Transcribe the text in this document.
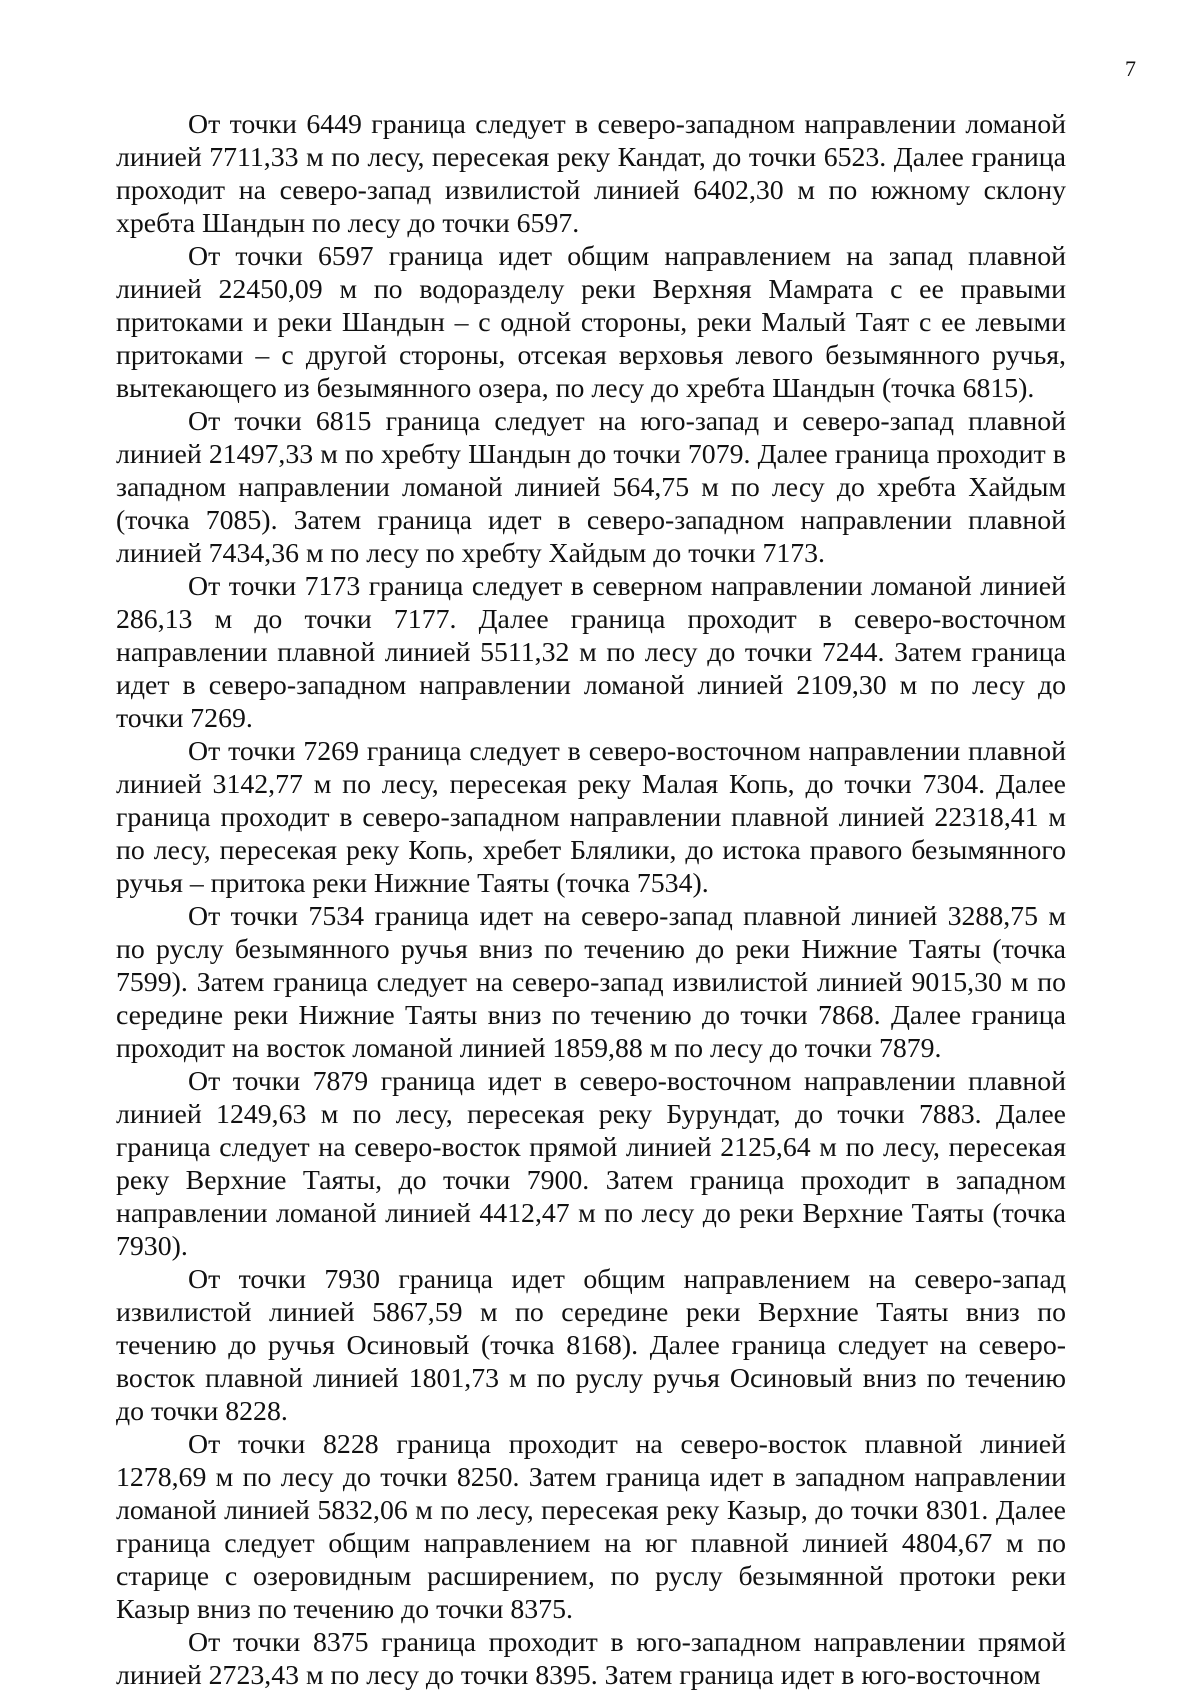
7

От точки 6449 граница следует в северо-западном направлении ломаной линией 7711,33 м по лесу, пересекая реку Кандат, до точки 6523. Далее граница проходит на северо-запад извилистой линией 6402,30 м по южному склону хребта Шандын по лесу до точки 6597.

От точки 6597 граница идет общим направлением на запад плавной линией 22450,09 м по водоразделу реки Верхняя Мамрата с ее правыми притоками и реки Шандын – с одной стороны, реки Малый Таят с ее левыми притоками – с другой стороны, отсекая верховья левого безымянного ручья, вытекающего из безымянного озера, по лесу до хребта Шандын (точка 6815).

От точки 6815 граница следует на юго-запад и северо-запад плавной линией 21497,33 м по хребту Шандын до точки 7079. Далее граница проходит в западном направлении ломаной линией 564,75 м по лесу до хребта Хайдым (точка 7085). Затем граница идет в северо-западном направлении плавной линией 7434,36 м по лесу по хребту Хайдым до точки 7173.

От точки 7173 граница следует в северном направлении ломаной линией 286,13 м до точки 7177. Далее граница проходит в северо-восточном направлении плавной линией 5511,32 м по лесу до точки 7244. Затем граница идет в северо-западном направлении ломаной линией 2109,30 м по лесу до точки 7269.

От точки 7269 граница следует в северо-восточном направлении плавной линией 3142,77 м по лесу, пересекая реку Малая Копь, до точки 7304. Далее граница проходит в северо-западном направлении плавной линией 22318,41 м по лесу, пересекая реку Копь, хребет Блялики, до истока правого безымянного ручья – притока реки Нижние Таяты (точка 7534).

От точки 7534 граница идет на северо-запад плавной линией 3288,75 м по руслу безымянного ручья вниз по течению до реки Нижние Таяты (точка 7599). Затем граница следует на северо-запад извилистой линией 9015,30 м по середине реки Нижние Таяты вниз по течению до точки 7868. Далее граница проходит на восток ломаной линией 1859,88 м по лесу до точки 7879.

От точки 7879 граница идет в северо-восточном направлении плавной линией 1249,63 м по лесу, пересекая реку Бурундат, до точки 7883. Далее граница следует на северо-восток прямой линией 2125,64 м по лесу, пересекая реку Верхние Таяты, до точки 7900. Затем граница проходит в западном направлении ломаной линией 4412,47 м по лесу до реки Верхние Таяты (точка 7930).

От точки 7930 граница идет общим направлением на северо-запад извилистой линией 5867,59 м по середине реки Верхние Таяты вниз по течению до ручья Осиновый (точка 8168). Далее граница следует на северо-восток плавной линией 1801,73 м по руслу ручья Осиновый вниз по течению до точки 8228.

От точки 8228 граница проходит на северо-восток плавной линией 1278,69 м по лесу до точки 8250. Затем граница идет в западном направлении ломаной линией 5832,06 м по лесу, пересекая реку Казыр, до точки 8301. Далее граница следует общим направлением на юг плавной линией 4804,67 м по старице с озеровидным расширением, по руслу безымянной протоки реки Казыр вниз по течению до точки 8375.

От точки 8375 граница проходит в юго-западном направлении прямой линией 2723,43 м по лесу до точки 8395. Затем граница идет в юго-восточном
